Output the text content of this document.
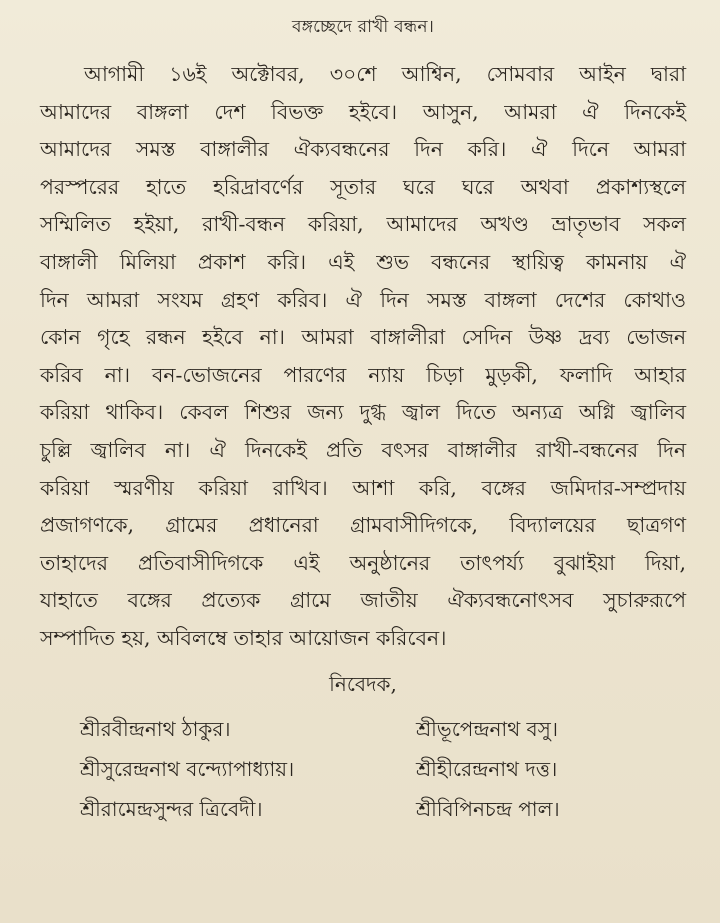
বঙ্গচ্ছেদে রাখী বন্ধন।

আগামী ১৬ই অক্টোবর, ৩০শে আশ্বিন, সোমবার আইন দ্বারা

আমাদের বাঙ্গলা দেশ বিভক্ত হইবে। আসুন, আমরা ঐ দিনকেই

আমাদের সমস্ত বাঙ্গালীর ঐক্যবন্ধনের দিন করি। ঐ দিনে আমরা

পরস্পরের হাতে হরিদ্রাবর্ণের সূতার ঘরে ঘরে অথবা প্রকাশ্যস্থলে

সম্মিলিত হইয়া, রাখী-বন্ধন করিয়া, আমাদের অখণ্ড ভ্রাতৃভাব সকল

বাঙ্গালী মিলিয়া প্রকাশ করি। এই শুভ বন্ধনের স্থায়িত্ব কামনায় ঐ

দিন আমরা সংযম গ্রহণ করিব। ঐ দিন সমস্ত বাঙ্গলা দেশের কোথাও

কোন গৃহে রন্ধন হইবে না। আমরা বাঙ্গালীরা সেদিন উষ্ণ দ্রব্য ভোজন

করিব না। বন-ভোজনের পারণের ন্যায় চিড়া মুড়কী, ফলাদি আহার

করিয়া থাকিব। কেবল শিশুর জন্য দুগ্ধ জ্বাল দিতে অন্যত্র অগ্নি জ্বালিব

চুল্লি জ্বালিব না। ঐ দিনকেই প্রতি বৎসর বাঙ্গালীর রাখী-বন্ধনের দিন

করিয়া স্মরণীয় করিয়া রাখিব। আশা করি, বঙ্গের জমিদার-সম্প্রদায়

প্রজাগণকে, গ্রামের প্রধানেরা গ্রামবাসীদিগকে, বিদ্যালয়ের ছাত্রগণ

তাহাদের প্রতিবাসীদিগকে এই অনুষ্ঠানের তাৎপর্য্য বুঝাইয়া দিয়া,

যাহাতে বঙ্গের প্রত্যেক গ্রামে জাতীয় ঐক্যবন্ধনোৎসব সুচারুরূপে

সম্পাদিত হয়, অবিলম্বে তাহার আয়োজন করিবেন।

নিবেদক,
শ্রীরবীন্দ্রনাথ ঠাকুর।	শ্রীভূপেন্দ্রনাথ বসু।
শ্রীসুরেন্দ্রনাথ বন্দ্যোপাধ্যায়।	শ্রীহীরেন্দ্রনাথ দত্ত।
শ্রীরামেন্দ্রসুন্দর ত্রিবেদী।	শ্রীবিপিনচন্দ্র পাল।
